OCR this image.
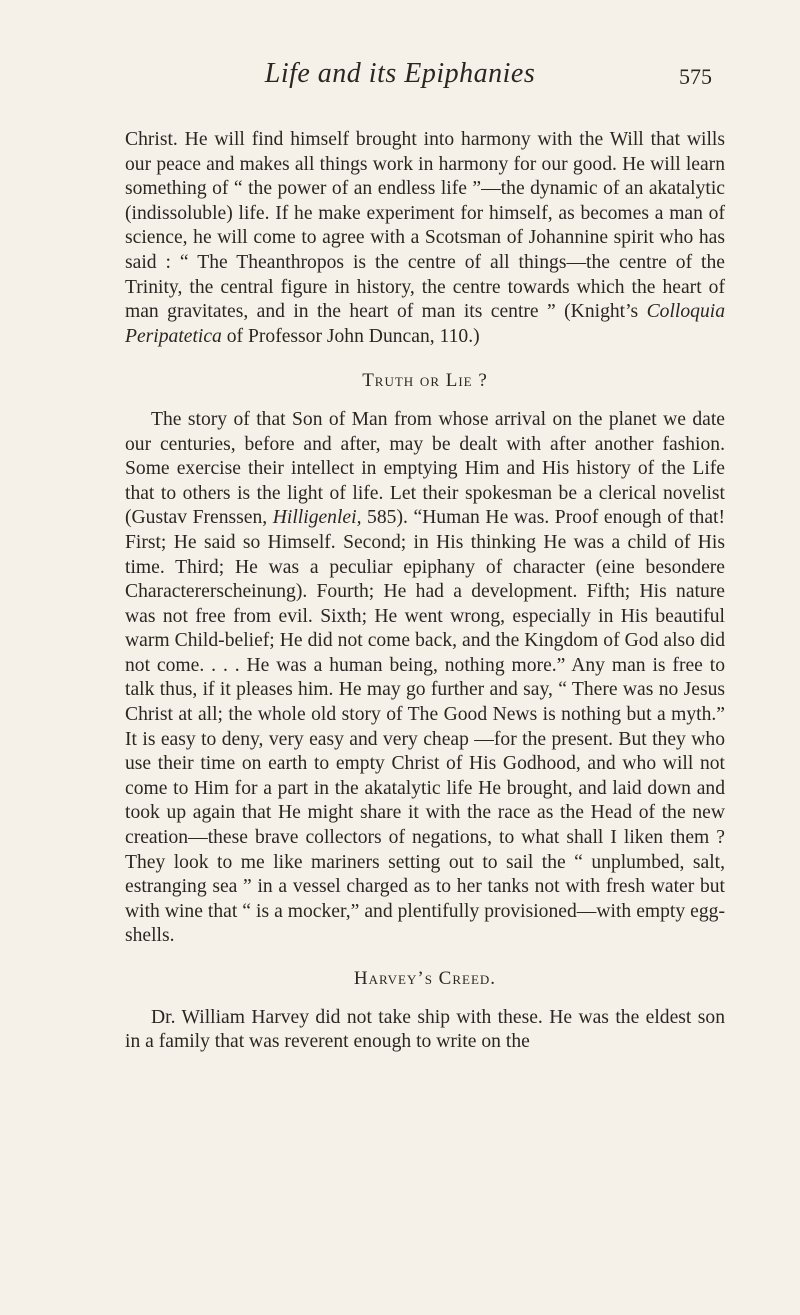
Life and its Epiphanies	575

Christ. He will find himself brought into harmony with the Will that wills our peace and makes all things work in harmony for our good. He will learn something of “ the power of an endless life ”—the dynamic of an akatalytic (indissoluble) life. If he make experiment for himself, as becomes a man of science, he will come to agree with a Scotsman of Johannine spirit who has said : “ The Theanthropos is the centre of all things—the centre of the Trinity, the central figure in history, the centre towards which the heart of man gravitates, and in the heart of man its centre ” (Knight’s Colloquia Peripatetica of Professor John Duncan, 110.)

Truth or Lie ?

The story of that Son of Man from whose arrival on the planet we date our centuries, before and after, may be dealt with after another fashion. Some exercise their intellect in emptying Him and His history of the Life that to others is the light of life. Let their spokesman be a clerical novelist (Gustav Frenssen, Hilligenlei, 585). “Human He was. Proof enough of that! First; He said so Himself. Second; in His thinking He was a child of His time. Third; He was a peculiar epiphany of character (eine besondere Charactererscheinung). Fourth; He had a development. Fifth; His nature was not free from evil. Sixth; He went wrong, especially in His beautiful warm Child-belief; He did not come back, and the Kingdom of God also did not come. . . . He was a human being, nothing more.” Any man is free to talk thus, if it pleases him. He may go further and say, “ There was no Jesus Christ at all; the whole old story of The Good News is nothing but a myth.” It is easy to deny, very easy and very cheap —for the present. But they who use their time on earth to empty Christ of His Godhood, and who will not come to Him for a part in the akatalytic life He brought, and laid down and took up again that He might share it with the race as the Head of the new creation—these brave collectors of negations, to what shall I liken them ? They look to me like mariners setting out to sail the “ unplumbed, salt, estranging sea ” in a vessel charged as to her tanks not with fresh water but with wine that “ is a mocker,” and plentifully provisioned—with empty egg-shells.

Harvey’s Creed.

Dr. William Harvey did not take ship with these. He was the eldest son in a family that was reverent enough to write on the
